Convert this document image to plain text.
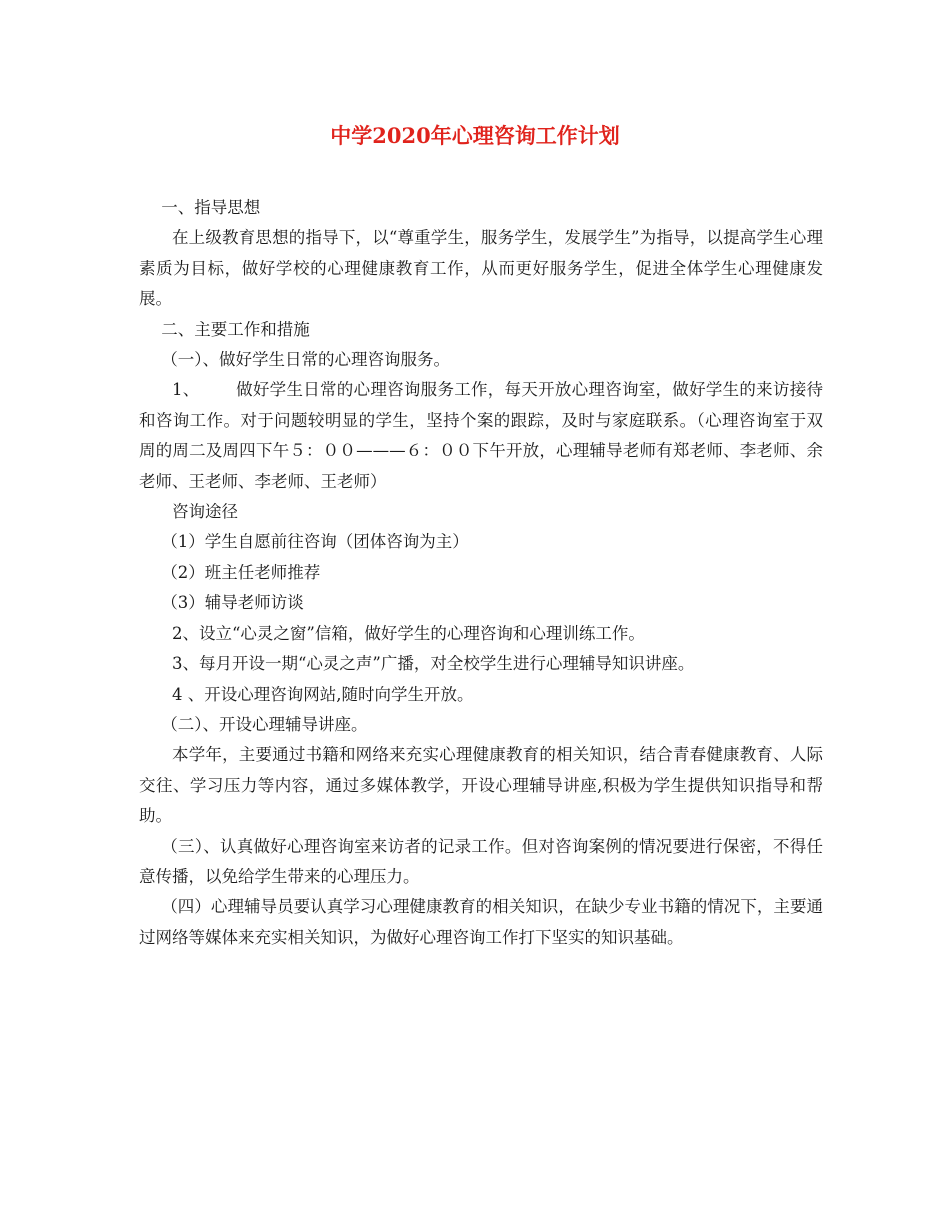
中学2020年心理咨询工作计划

一、指导思想

在上级教育思想的指导下，以“尊重学生，服务学生，发展学生”为指导，以提高学生心理素质为目标，做好学校的心理健康教育工作，从而更好服务学生，促进全体学生心理健康发展。

二、主要工作和措施

（一）、做好学生日常的心理咨询服务。

1、 做好学生日常的心理咨询服务工作，每天开放心理咨询室，做好学生的来访接待和咨询工作。对于问题较明显的学生，坚持个案的跟踪，及时与家庭联系。（心理咨询室于双周的周二及周四下午５：００———６：００下午开放，心理辅导老师有郑老师、李老师、余老师、王老师、李老师、王老师）

咨询途径

（1）学生自愿前往咨询（团体咨询为主）

（2）班主任老师推荐

（3）辅导老师访谈

2、设立“心灵之窗”信箱，做好学生的心理咨询和心理训练工作。

3、每月开设一期“心灵之声”广播，对全校学生进行心理辅导知识讲座。

4 、开设心理咨询网站,随时向学生开放。

（二）、开设心理辅导讲座。

本学年，主要通过书籍和网络来充实心理健康教育的相关知识，结合青春健康教育、人际交往、学习压力等内容，通过多媒体教学，开设心理辅导讲座,积极为学生提供知识指导和帮助。

（三）、认真做好心理咨询室来访者的记录工作。但对咨询案例的情况要进行保密，不得任意传播，以免给学生带来的心理压力。

（四）心理辅导员要认真学习心理健康教育的相关知识，在缺少专业书籍的情况下，主要通过网络等媒体来充实相关知识，为做好心理咨询工作打下坚实的知识基础。
